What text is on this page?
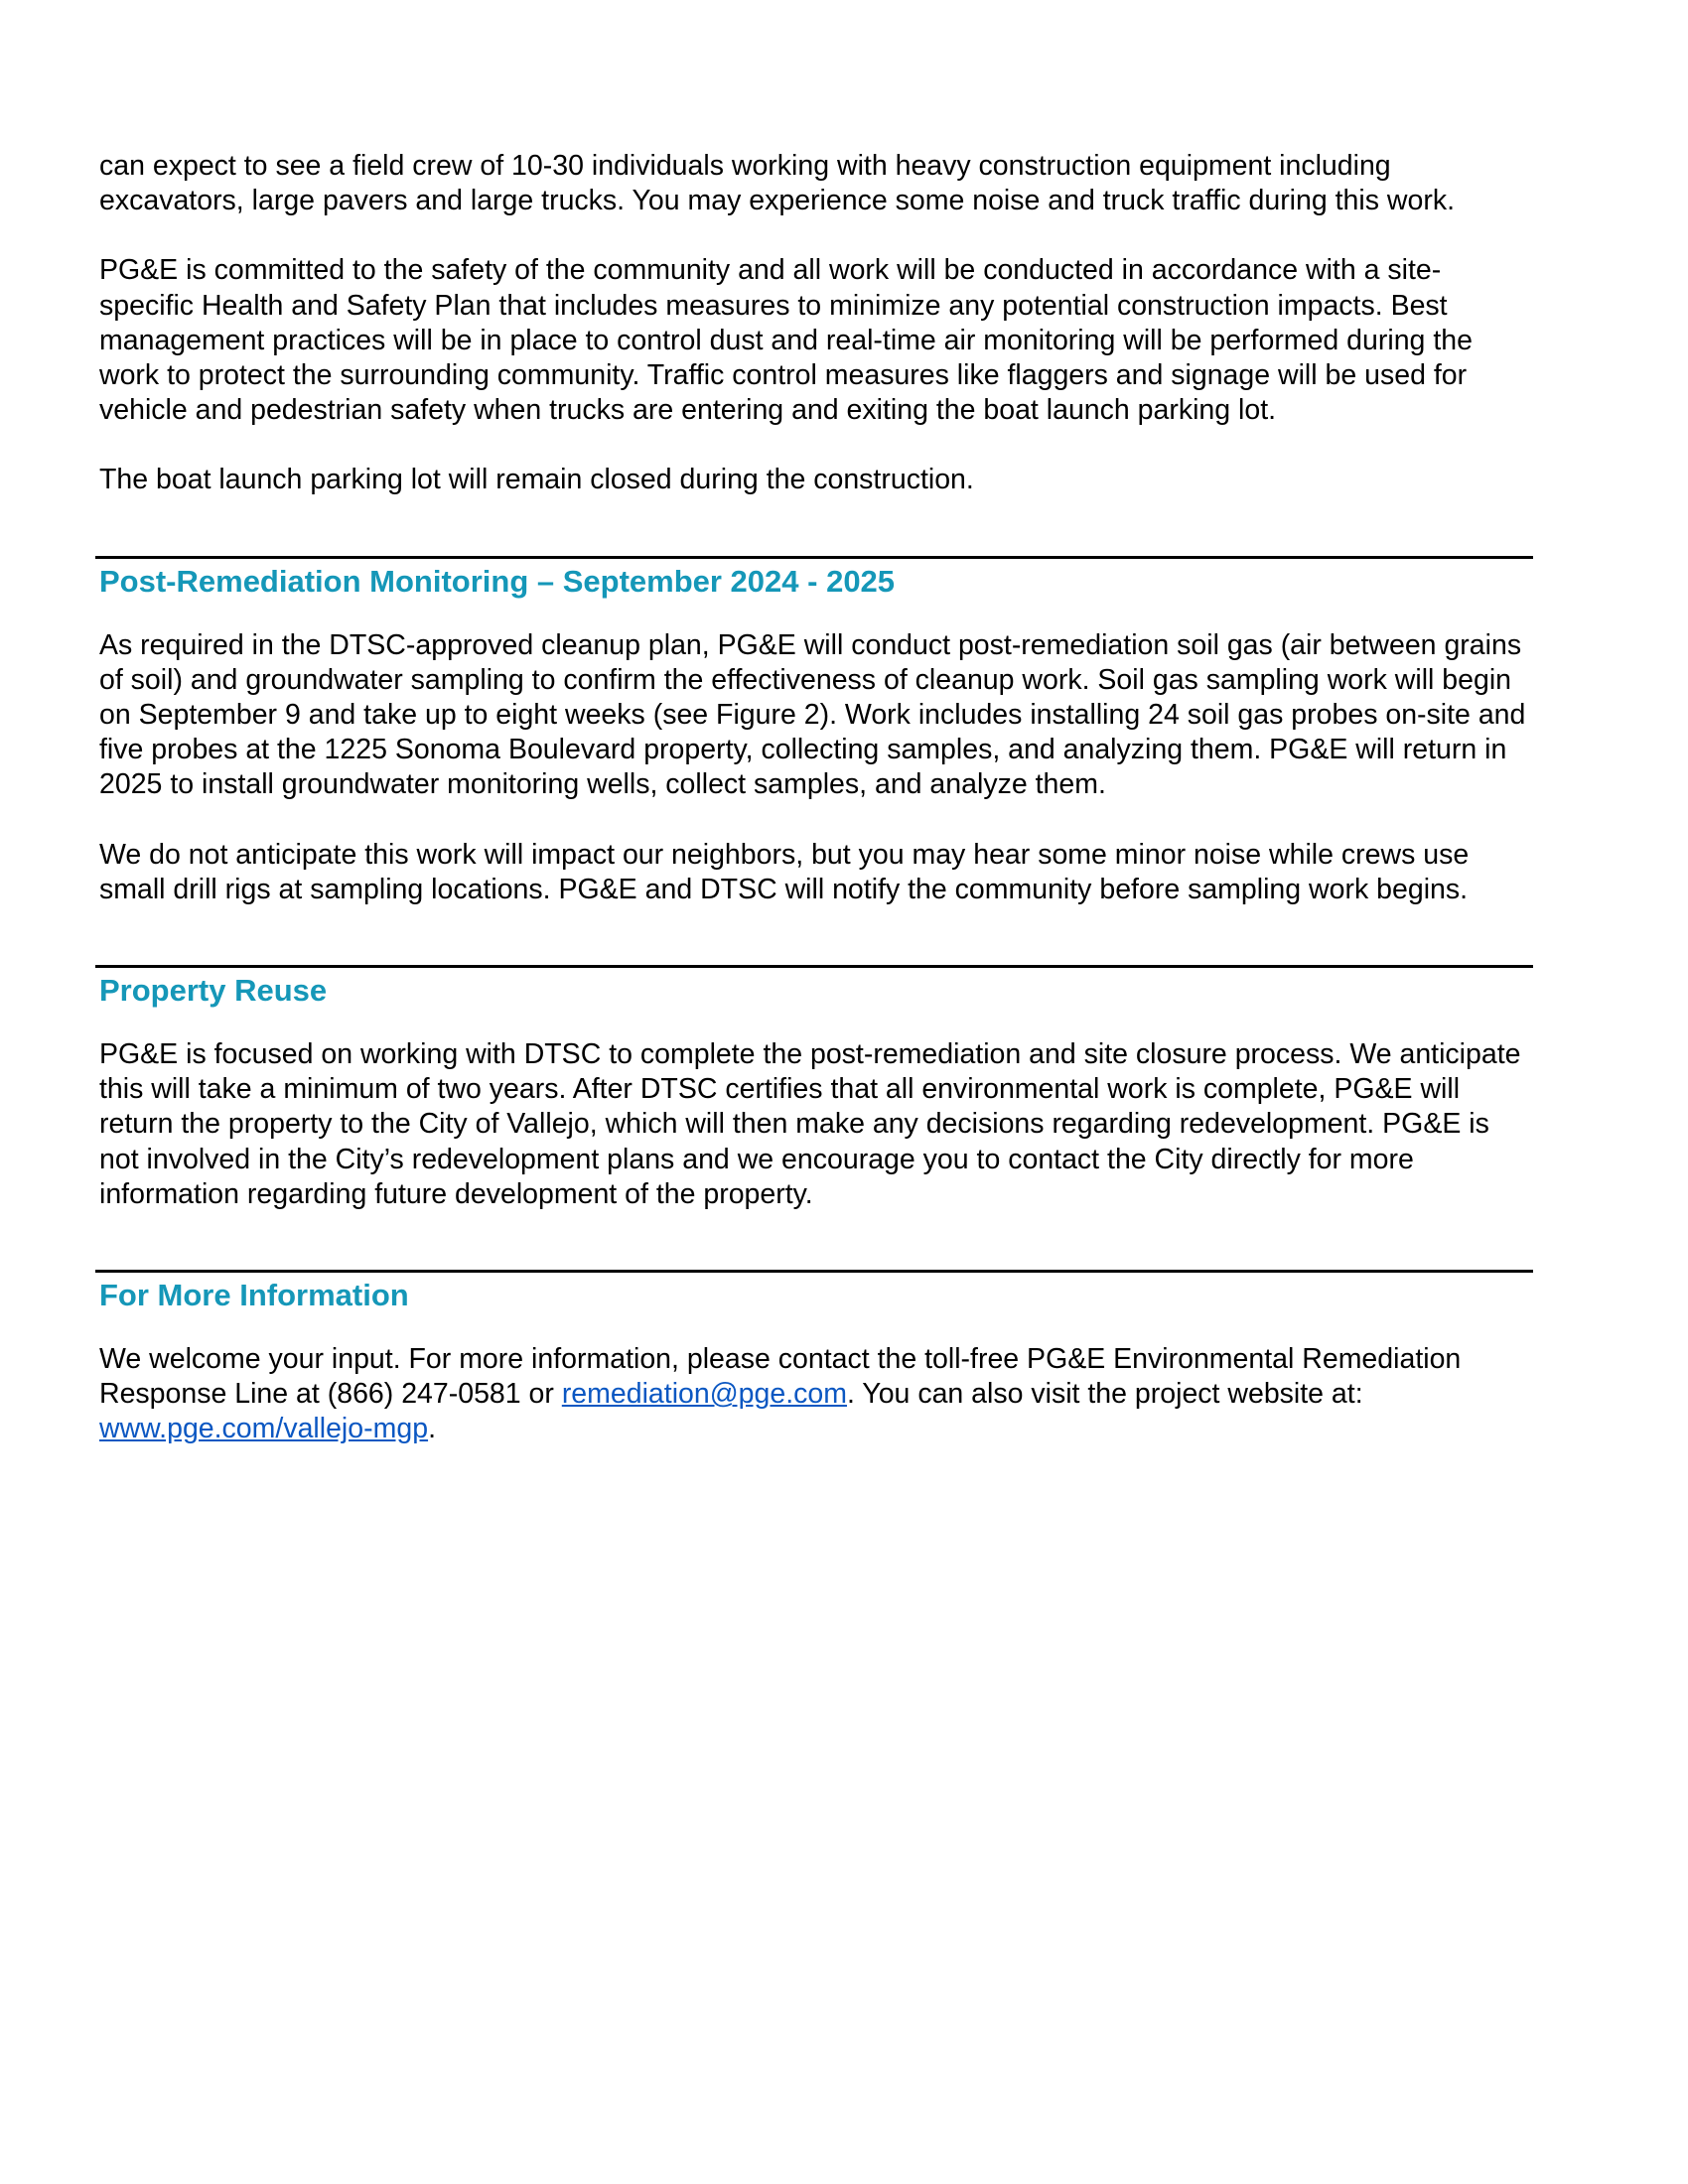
can expect to see a field crew of 10-30 individuals working with heavy construction equipment including excavators, large pavers and large trucks. You may experience some noise and truck traffic during this work.

PG&E is committed to the safety of the community and all work will be conducted in accordance with a site-specific Health and Safety Plan that includes measures to minimize any potential construction impacts. Best management practices will be in place to control dust and real-time air monitoring will be performed during the work to protect the surrounding community. Traffic control measures like flaggers and signage will be used for vehicle and pedestrian safety when trucks are entering and exiting the boat launch parking lot.

The boat launch parking lot will remain closed during the construction.

Post-Remediation Monitoring – September 2024 - 2025

As required in the DTSC-approved cleanup plan, PG&E will conduct post-remediation soil gas (air between grains of soil) and groundwater sampling to confirm the effectiveness of cleanup work. Soil gas sampling work will begin on September 9 and take up to eight weeks (see Figure 2). Work includes installing 24 soil gas probes on-site and five probes at the 1225 Sonoma Boulevard property, collecting samples, and analyzing them. PG&E will return in 2025 to install groundwater monitoring wells, collect samples, and analyze them.

We do not anticipate this work will impact our neighbors, but you may hear some minor noise while crews use small drill rigs at sampling locations. PG&E and DTSC will notify the community before sampling work begins.

Property Reuse

PG&E is focused on working with DTSC to complete the post-remediation and site closure process. We anticipate this will take a minimum of two years. After DTSC certifies that all environmental work is complete, PG&E will return the property to the City of Vallejo, which will then make any decisions regarding redevelopment. PG&E is not involved in the City’s redevelopment plans and we encourage you to contact the City directly for more information regarding future development of the property.

For More Information

We welcome your input. For more information, please contact the toll-free PG&E Environmental Remediation Response Line at (866) 247-0581 or remediation@pge.com. You can also visit the project website at: www.pge.com/vallejo-mgp.
